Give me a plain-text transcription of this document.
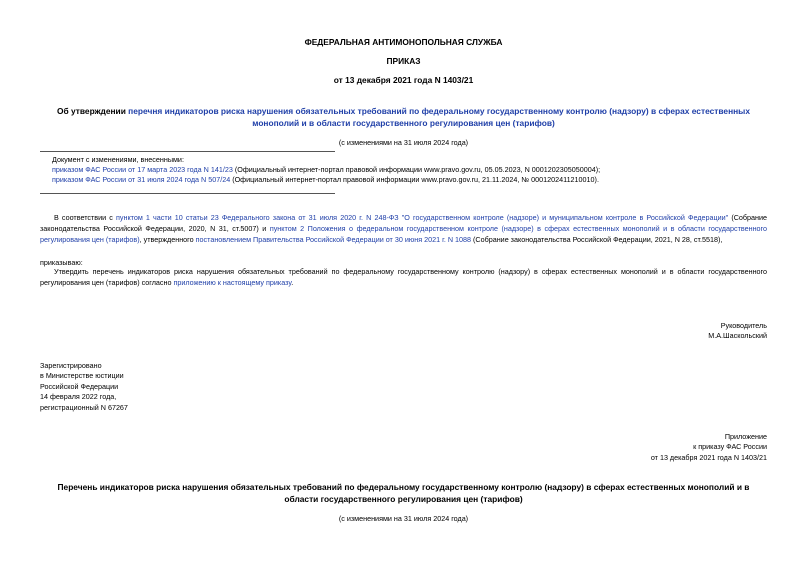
ФЕДЕРАЛЬНАЯ АНТИМОНОПОЛЬНАЯ СЛУЖБА
ПРИКАЗ
от 13 декабря 2021 года N 1403/21
Об утверждении перечня индикаторов риска нарушения обязательных требований по федеральному государственному контролю (надзору) в сферах естественных монополий и в области государственного регулирования цен (тарифов)
(с изменениями на 31 июля 2024 года)
Документ с изменениями, внесенными:
приказом ФАС России от 17 марта 2023 года N 141/23 (Официальный интернет-портал правовой информации www.pravo.gov.ru, 05.05.2023, N 0001202305050004);
приказом ФАС России от 31 июля 2024 года N 507/24 (Официальный интернет-портал правовой информации www.pravo.gov.ru, 21.11.2024, № 0001202411210010).
В соответствии с пунктом 1 части 10 статьи 23 Федерального закона от 31 июля 2020 г. N 248-ФЗ "О государственном контроле (надзоре) и муниципальном контроле в Российской Федерации" (Собрание законодательства Российской Федерации, 2020, N 31, ст.5007) и пунктом 2 Положения о федеральном государственном контроле (надзоре) в сферах естественных монополий и в области государственного регулирования цен (тарифов), утвержденного постановлением Правительства Российской Федерации от 30 июня 2021 г. N 1088 (Собрание законодательства Российской Федерации, 2021, N 28, ст.5518),
приказываю:
Утвердить перечень индикаторов риска нарушения обязательных требований по федеральному государственному контролю (надзору) в сферах естественных монополий и в области государственного регулирования цен (тарифов) согласно приложению к настоящему приказу.
Руководитель
М.А.Шаскольский
Зарегистрировано
в Министерстве юстиции
Российской Федерации
14 февраля 2022 года,
регистрационный N 67267
Приложение
к приказу ФАС России
от 13 декабря 2021 года N 1403/21
Перечень индикаторов риска нарушения обязательных требований по федеральному государственному контролю (надзору) в сферах естественных монополий и в области государственного регулирования цен (тарифов)
(с изменениями на 31 июля 2024 года)
